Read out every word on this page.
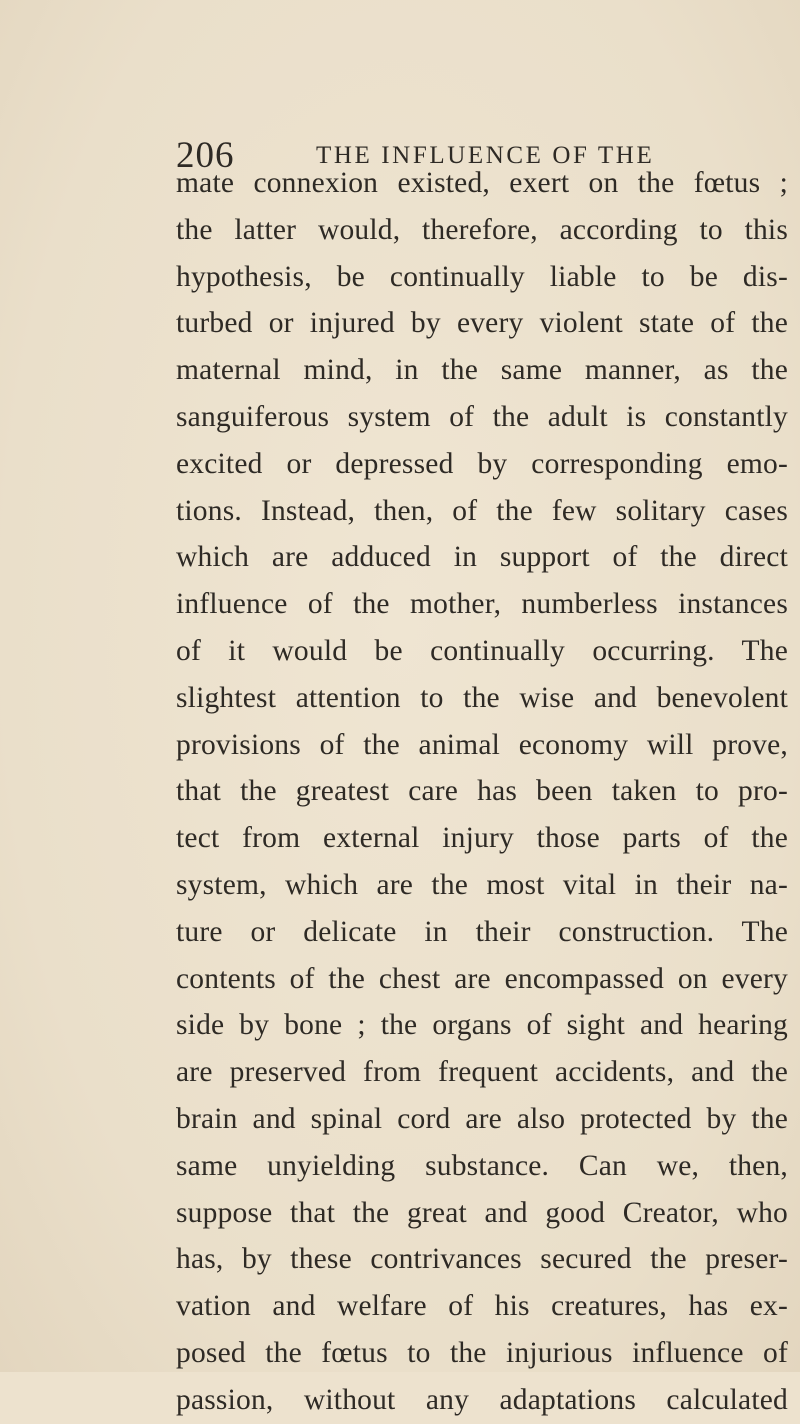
206	THE INFLUENCE OF THE
mate connexion existed, exert on the fœtus ;
the latter would, therefore, according to this
hypothesis, be continually liable to be dis-
turbed or injured by every violent state of the
maternal mind, in the same manner, as the
sanguiferous system of the adult is constantly
excited or depressed by corresponding emo-
tions. Instead, then, of the few solitary cases
which are adduced in support of the direct
influence of the mother, numberless instances
of it would be continually occurring. The
slightest attention to the wise and benevolent
provisions of the animal economy will prove,
that the greatest care has been taken to pro-
tect from external injury those parts of the
system, which are the most vital in their na-
ture or delicate in their construction. The
contents of the chest are encompassed on every
side by bone ; the organs of sight and hearing
are preserved from frequent accidents, and the
brain and spinal cord are also protected by the
same unyielding substance. Can we, then,
suppose that the great and good Creator, who
has, by these contrivances secured the preser-
vation and welfare of his creatures, has ex-
posed the fœtus to the injurious influence of
passion, without any adaptations calculated
